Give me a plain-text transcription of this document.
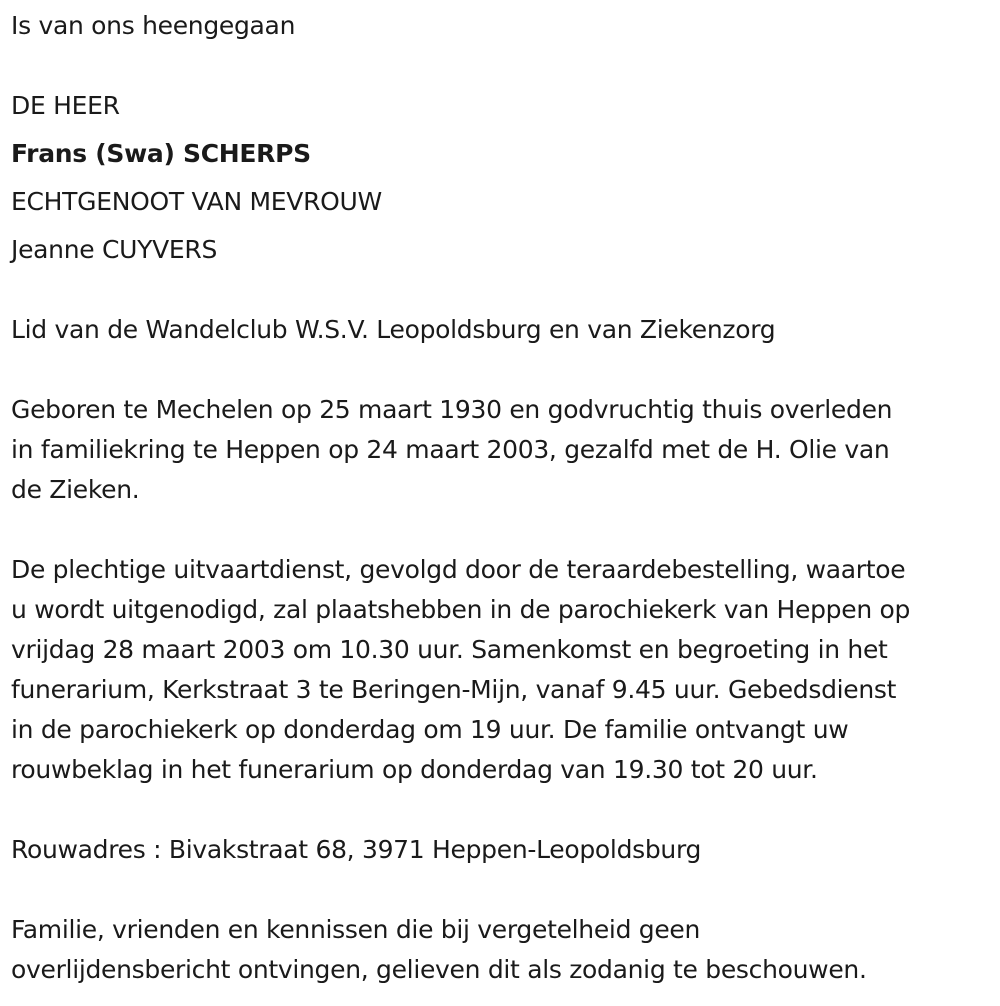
Is van ons heengegaan
DE HEER
Frans (Swa) SCHERPS
ECHTGENOOT VAN MEVROUW
Jeanne CUYVERS
Lid van de Wandelclub W.S.V. Leopoldsburg en van Ziekenzorg
Geboren te Mechelen op 25 maart 1930 en godvruchtig thuis overleden
in familiekring te Heppen op 24 maart 2003, gezalfd met de H. Olie van
de Zieken.
De plechtige uitvaartdienst, gevolgd door de teraardebestelling, waartoe
u wordt uitgenodigd, zal plaatshebben in de parochiekerk van Heppen op
vrijdag 28 maart 2003 om 10.30 uur. Samenkomst en begroeting in het
funerarium, Kerkstraat 3 te Beringen-Mijn, vanaf 9.45 uur. Gebedsdienst
in de parochiekerk op donderdag om 19 uur. De familie ontvangt uw
rouwbeklag in het funerarium op donderdag van 19.30 tot 20 uur.
Rouwadres : Bivakstraat 68, 3971 Heppen-Leopoldsburg
Familie, vrienden en kennissen die bij vergetelheid geen
overlijdensbericht ontvingen, gelieven dit als zodanig te beschouwen.
